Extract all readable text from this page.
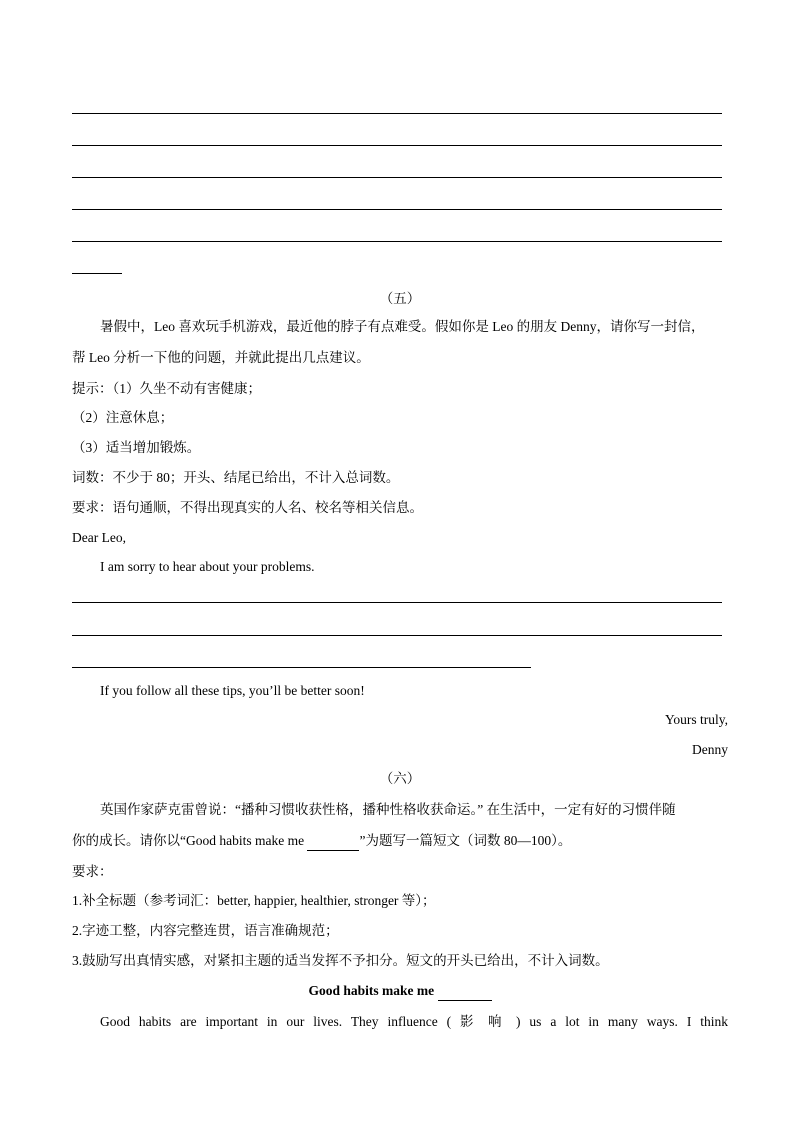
（五）
暑假中，Leo 喜欢玩手机游戏，最近他的脖子有点难受。假如你是 Leo 的朋友 Denny，请你写一封信，
帮 Leo 分析一下他的问题，并就此提出几点建议。
提示：（1）久坐不动有害健康；
（2）注意休息；
（3）适当增加锻炼。
词数：不少于 80；开头、结尾已给出，不计入总词数。
要求：语句通顺，不得出现真实的人名、校名等相关信息。
Dear Leo,
I am sorry to hear about your problems.
If you follow all these tips, you’ll be better soon!
Yours truly,
Denny
（六）
英国作家萨克雷曾说：“播种习惯收获性格，播种性格收获命运。” 在生活中，一定有好的习惯伴随
你的成长。请你以“Good habits make me	”为题写一篇短文（词数 80—100）。
要求：
1.补全标题（参考词汇：better, happier, healthier, stronger 等）；
2.字迹工整，内容完整连贯，语言准确规范；
3.鼓励写出真情实感，对紧扣主题的适当发挥不予扣分。短文的开头已给出，不计入词数。
Good habits make me
Good habits are important in our lives. They influence ( 影 响 ) us a lot in many ways. I think
